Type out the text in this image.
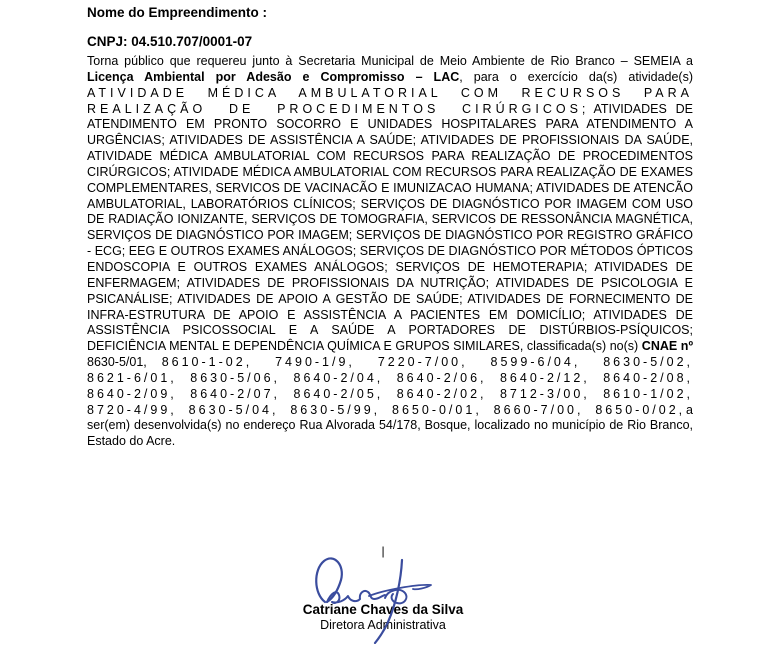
Nome do Empreendimento :
CNPJ: 04.510.707/0001-07

Torna público que requereu junto à Secretaria Municipal de Meio Ambiente de Rio Branco – SEMEIA a Licença Ambiental por Adesão e Compromisso – LAC, para o exercício da(s) atividade(s) ATIVIDADE MÉDICA AMBULATORIAL COM RECURSOS PARA REALIZAÇÃO DE PROCEDIMENTOS CIRÚRGICOS; ATIVIDADES DE ATENDIMENTO EM PRONTO SOCORRO E UNIDADES HOSPITALARES PARA ATENDIMENTO A URGÊNCIAS; ATIVIDADES DE ASSISTÊNCIA A SAÚDE; ATIVIDADES DE PROFISSIONAIS DA SAÚDE, ATIVIDADE MÉDICA AMBULATORIAL COM RECURSOS PARA REALIZAÇÃO DE PROCEDIMENTOS CIRÚRGICOS; ATIVIDADE MÉDICA AMBULATORIAL COM RECURSOS PARA REALIZAÇÃO DE EXAMES COMPLEMENTARES, SERVICOS DE VACINACÃO E IMUNIZACAO HUMANA; ATIVIDADES DE ATENCÃO AMBULATORIAL, LABORATÓRIOS CLÍNICOS; SERVIÇOS DE DIAGNÓSTICO POR IMAGEM COM USO DE RADIAÇÃO IONIZANTE, SERVIÇOS DE TOMOGRAFIA, SERVICOS DE RESSONÂNCIA MAGNÉTICA, SERVIÇOS DE DIAGNÓSTICO POR IMAGEM; SERVIÇOS DE DIAGNÓSTICO POR REGISTRO GRÁFICO - ECG; EEG E OUTROS EXAMES ANÁLOGOS; SERVIÇOS DE DIAGNÓSTICO POR MÉTODOS ÓPTICOS ENDOSCOPIA E OUTROS EXAMES ANÁLOGOS; SERVIÇOS DE HEMOTERAPIA; ATIVIDADES DE ENFERMAGEM; ATIVIDADES DE PROFISSIONAIS DA NUTRIÇÃO; ATIVIDADES DE PSICOLOGIA E PSICANÁLISE; ATIVIDADES DE APOIO A GESTÃO DE SAÚDE; ATIVIDADES DE FORNECIMENTO DE INFRA-ESTRUTURA DE APOIO E ASSISTÊNCIA A PACIENTES EM DOMICÍLIO; ATIVIDADES DE ASSISTÊNCIA PSICOSSOCIAL E A SAÚDE A PORTADORES DE DISTÚRBIOS-PSÍQUICOS; DEFICIÊNCIA MENTAL E DEPENDÊNCIA QUÍMICA E GRUPOS SIMILARES, classificada(s) no(s) CNAE nº 8630-5/01, 8610-1-02, 7490-1/9, 7220-7/00, 8599-6/04, 8630-5/02, 8621-6/01, 8630-5/06, 8640-2/04, 8640-2/06, 8640-2/12, 8640-2/08, 8640-2/09, 8640-2/07, 8640-2/05, 8640-2/02, 8712-3/00, 8610-1/02, 8720-4/99, 8630-5/04, 8630-5/99, 8650-0/01, 8660-7/00, 8650-0/02, a ser(em) desenvolvida(s) no endereço Rua Alvorada 54/178, Bosque, localizado no município de Rio Branco, Estado do Acre.

|
Catriane Chaves da Silva
Diretora Administrativa
